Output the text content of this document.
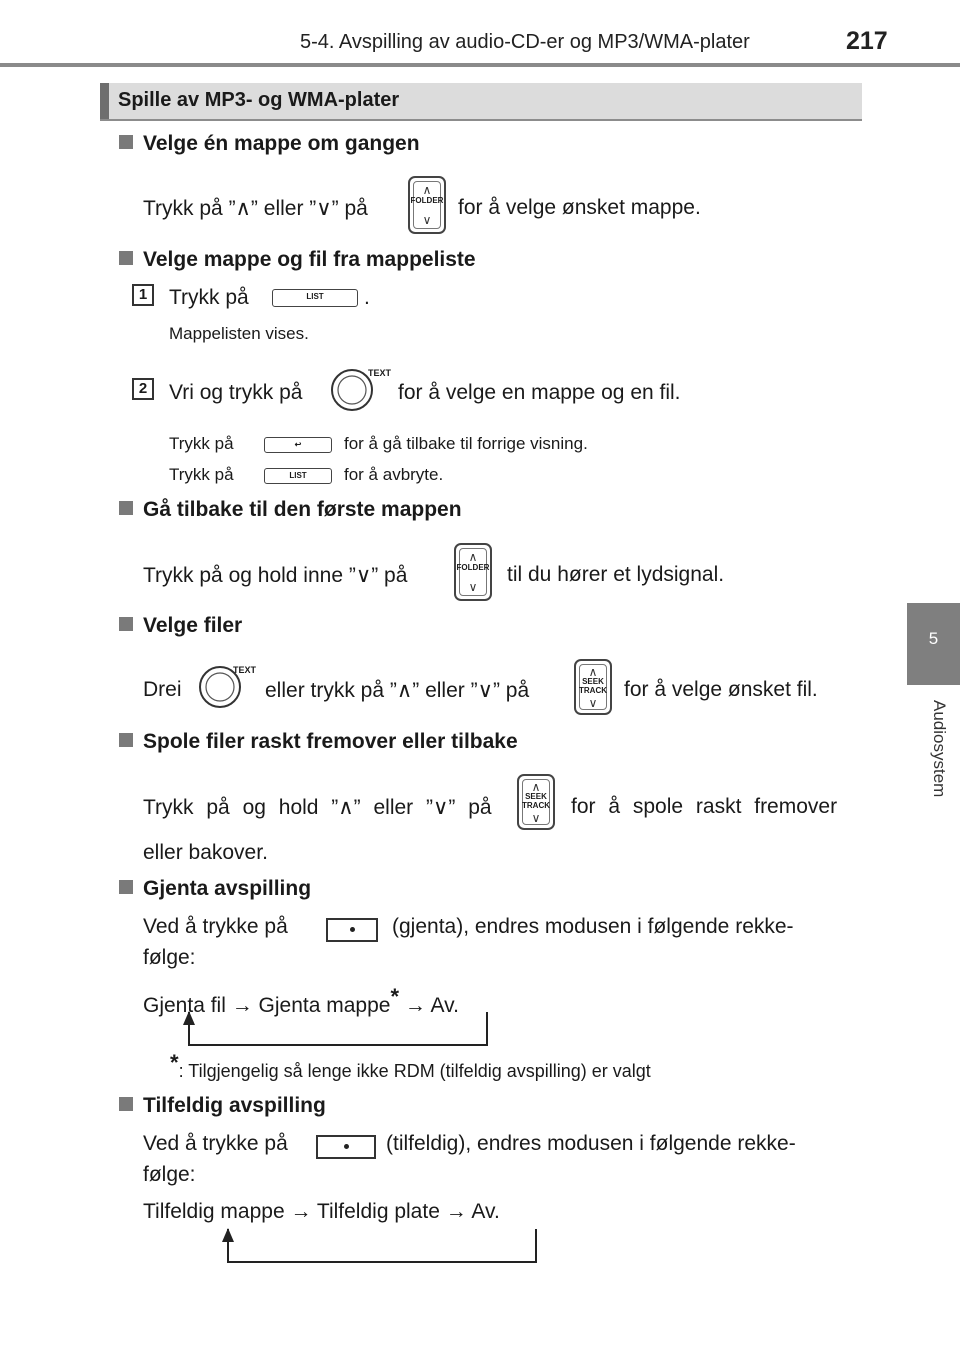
5-4. Avspilling av audio-CD-er og MP3/WMA-plater	217
5
Audiosystem
Spille av MP3- og WMA-plater
Velge én mappe om gangen
Trykk på ”∧” eller ”∨” på
∧
FOLDER
∨
for å velge ønsket mappe.
Velge mappe og fil fra mappeliste
1	Trykk på	LIST	.
Mappelisten vises.
2	Vri og trykk på
TEXT
for å velge en mappe og en fil.
Trykk på	↩	for å gå tilbake til forrige visning.
Trykk på	LIST	for å avbryte.
Gå tilbake til den første mappen
Trykk på og hold inne ”∨” på
∧
FOLDER
∨
til du hører et lydsignal.
Velge filer
Drei
TEXT
eller trykk på ”∧” eller ”∨” på
∧
SEEK
TRACK
∨
for å velge ønsket fil.
Spole filer raskt fremover eller tilbake
Trykk på og hold ”∧” eller ”∨” på
∧
SEEK
TRACK
∨	for å spole raskt fremover
eller bakover.
Gjenta avspilling
Ved å trykke på	(gjenta), endres modusen i følgende rekke-
følge:
Gjenta fil → Gjenta mappe* → Av.
*: Tilgjengelig så lenge ikke RDM (tilfeldig avspilling) er valgt
Tilfeldig avspilling
Ved å trykke på	(tilfeldig), endres modusen i følgende rekke-
følge:
Tilfeldig mappe → Tilfeldig plate → Av.
